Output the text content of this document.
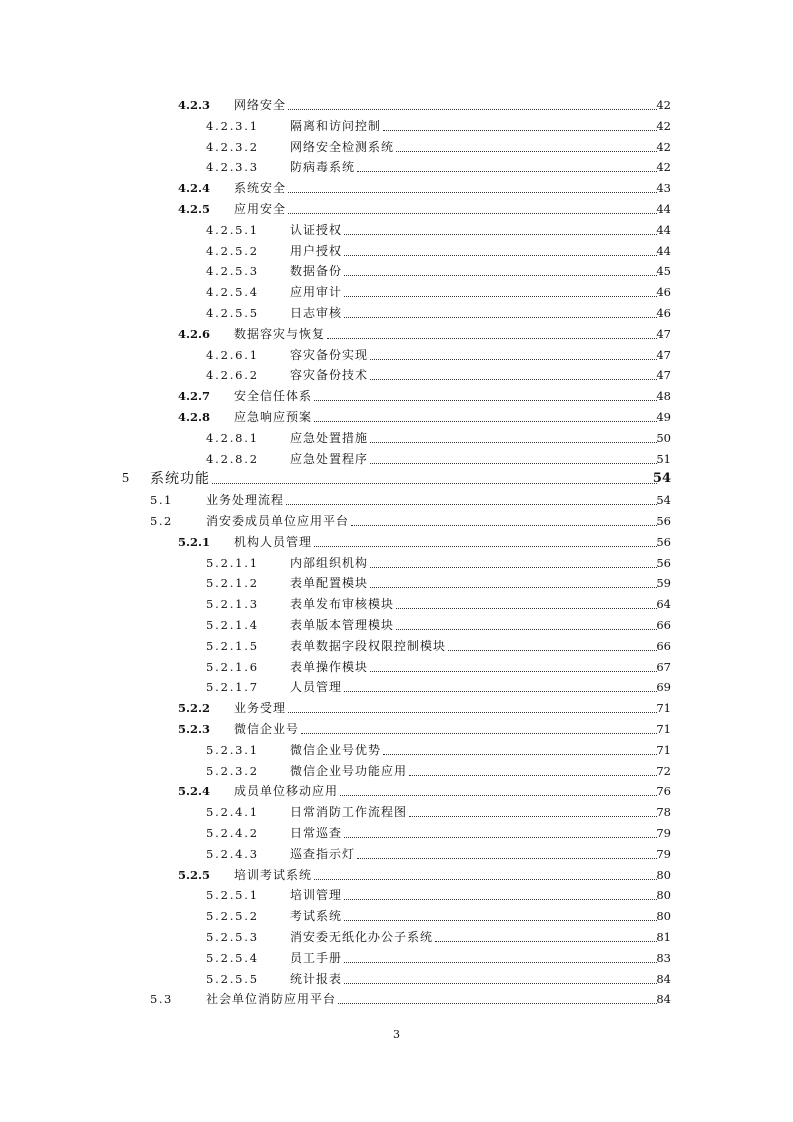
4.2.3 网络安全	42
4.2.3.1	隔离和访问控制	42
4.2.3.2	网络安全检测系统	42
4.2.3.3	防病毒系统	42
4.2.4 系统安全	43
4.2.5 应用安全	44
4.2.5.1	认证授权	44
4.2.5.2	用户授权	44
4.2.5.3	数据备份	45
4.2.5.4	应用审计	46
4.2.5.5	日志审核	46
4.2.6 数据容灾与恢复	47
4.2.6.1	容灾备份实现	47
4.2.6.2	容灾备份技术	47
4.2.7 安全信任体系	48
4.2.8 应急响应预案	49
4.2.8.1	应急处置措施	50
4.2.8.2	应急处置程序	51
5 系统功能	54
5.1	业务处理流程	54
5.2	消安委成员单位应用平台	56
5.2.1 机构人员管理	56
5.2.1.1	内部组织机构	56
5.2.1.2	表单配置模块	59
5.2.1.3	表单发布审核模块	64
5.2.1.4	表单版本管理模块	66
5.2.1.5	表单数据字段权限控制模块	66
5.2.1.6	表单操作模块	67
5.2.1.7	人员管理	69
5.2.2 业务受理	71
5.2.3 微信企业号	71
5.2.3.1	微信企业号优势	71
5.2.3.2	微信企业号功能应用	72
5.2.4 成员单位移动应用	76
5.2.4.1	日常消防工作流程图	78
5.2.4.2	日常巡查	79
5.2.4.3	巡查指示灯	79
5.2.5 培训考试系统	80
5.2.5.1	培训管理	80
5.2.5.2	考试系统	80
5.2.5.3	消安委无纸化办公子系统	81
5.2.5.4	员工手册	83
5.2.5.5	统计报表	84
5.3	社会单位消防应用平台	84
3
